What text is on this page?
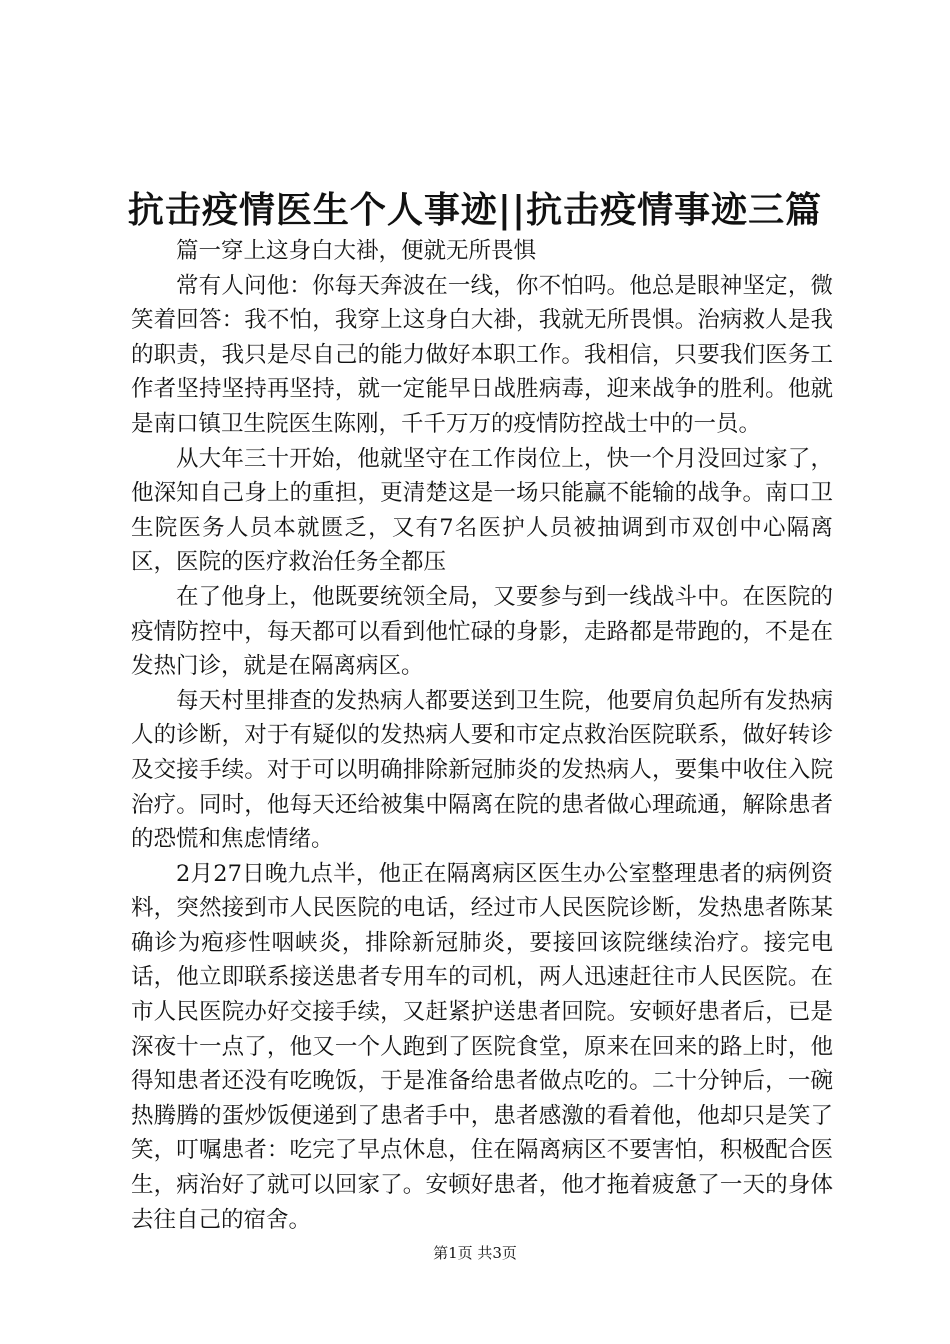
抗击疫情医生个人事迹||抗击疫情事迹三篇

篇一穿上这身白大褂，便就无所畏惧

常有人问他：你每天奔波在一线，你不怕吗。他总是眼神坚定，微笑着回答：我不怕，我穿上这身白大褂，我就无所畏惧。治病救人是我的职责，我只是尽自己的能力做好本职工作。我相信，只要我们医务工作者坚持坚持再坚持，就一定能早日战胜病毒，迎来战争的胜利。他就是南口镇卫生院医生陈刚，千千万万的疫情防控战士中的一员。

从大年三十开始，他就坚守在工作岗位上，快一个月没回过家了，他深知自己身上的重担，更清楚这是一场只能赢不能输的战争。南口卫生院医务人员本就匮乏，又有7名医护人员被抽调到市双创中心隔离区，医院的医疗救治任务全都压

在了他身上，他既要统领全局，又要参与到一线战斗中。在医院的疫情防控中，每天都可以看到他忙碌的身影，走路都是带跑的，不是在发热门诊，就是在隔离病区。

每天村里排查的发热病人都要送到卫生院，他要肩负起所有发热病人的诊断，对于有疑似的发热病人要和市定点救治医院联系，做好转诊及交接手续。对于可以明确排除新冠肺炎的发热病人，要集中收住入院治疗。同时，他每天还给被集中隔离在院的患者做心理疏通，解除患者的恐慌和焦虑情绪。

2月27日晚九点半，他正在隔离病区医生办公室整理患者的病例资料，突然接到市人民医院的电话，经过市人民医院诊断，发热患者陈某确诊为疱疹性咽峡炎，排除新冠肺炎，要接回该院继续治疗。接完电话，他立即联系接送患者专用车的司机，两人迅速赶往市人民医院。在市人民医院办好交接手续，又赶紧护送患者回院。安顿好患者后，已是深夜十一点了，他又一个人跑到了医院食堂，原来在回来的路上时，他得知患者还没有吃晚饭，于是准备给患者做点吃的。二十分钟后，一碗热腾腾的蛋炒饭便递到了患者手中，患者感激的看着他，他却只是笑了笑，叮嘱患者：吃完了早点休息，住在隔离病区不要害怕，积极配合医生，病治好了就可以回家了。安顿好患者，他才拖着疲惫了一天的身体去往自己的宿舍。

第1页 共3页
